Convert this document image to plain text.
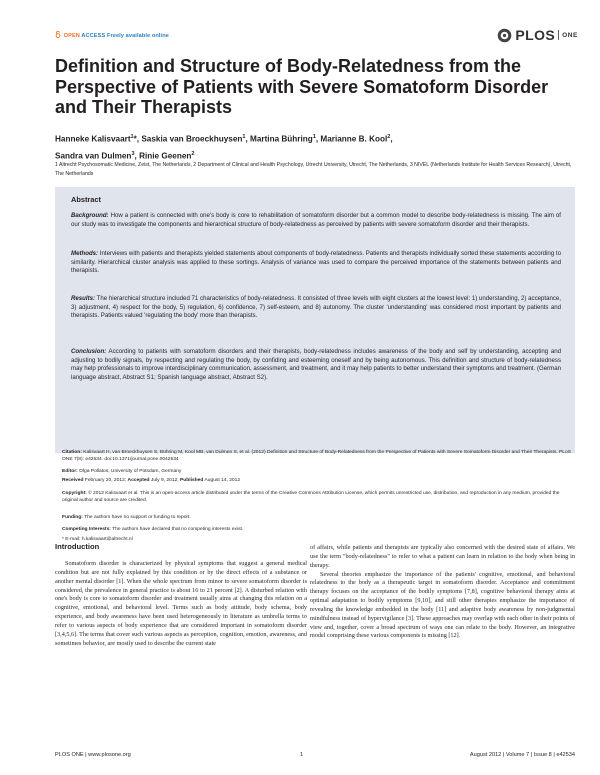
OPEN ACCESS Freely available online	PLOS ONE
Definition and Structure of Body-Relatedness from the Perspective of Patients with Severe Somatoform Disorder and Their Therapists
Hanneke Kalisvaart$^1$*, Saskia van Broeckhuysen$^1$, Martina Bühring$^1$, Marianne B. Kool$^2$,
Sandra van Dulmen$^3$, Rinie Geenen$^2$
1 Altrecht Psychosomatic Medicine, Zeist, The Netherlands, 2 Department of Clinical and Health Psychology, Utrecht University, Utrecht, The Netherlands, 3 NIVEL (Netherlands Institute for Health Services Research), Utrecht, The Netherlands
Abstract
Background: How a patient is connected with one's body is core to rehabilitation of somatoform disorder but a common model to describe body-relatedness is missing. The aim of our study was to investigate the components and hierarchical structure of body-relatedness as perceived by patients with severe somatoform disorder and their therapists.
Methods: Interviews with patients and therapists yielded statements about components of body-relatedness. Patients and therapists individually sorted these statements according to similarity. Hierarchical cluster analysis was applied to these sortings. Analysis of variance was used to compare the perceived importance of the statements between patients and therapists.
Results: The hierarchical structure included 71 characteristics of body-relatedness. It consisted of three levels with eight clusters at the lowest level: 1) understanding, 2) acceptance, 3) adjustment, 4) respect for the body, 5) regulation, 6) confidence, 7) self-esteem, and 8) autonomy. The cluster 'understanding' was considered most important by patients and therapists. Patients valued 'regulating the body' more than therapists.
Conclusion: According to patients with somatoform disorders and their therapists, body-relatedness includes awareness of the body and self by understanding, accepting and adjusting to bodily signals, by respecting and regulating the body, by confiding and esteeming oneself and by being autonomous. This definition and structure of body-relatedness may help professionals to improve interdisciplinary communication, assessment, and treatment, and it may help patients to better understand their symptoms and treatment. (German language abstract, Abstract S1; Spanish language abstract, Abstract S2).
Citation: Kalisvaart H, van Broeckhuysen S, Bühring M, Kool MB, van Dulmen S, et al. (2012) Definition and Structure of Body-Relatedness from the Perspective of Patients with Severe Somatoform Disorder and Their Therapists. PLoS ONE 7(8): e42534. doi:10.1371/journal.pone.0042534
Editor: Olga Pollatos, University of Potsdam, Germany
Received February 20, 2012; Accepted July 9, 2012; Published August 14, 2012
Copyright: © 2012 Kalisvaart et al. This is an open-access article distributed under the terms of the Creative Commons Attribution License, which permits unrestricted use, distribution, and reproduction in any medium, provided the original author and source are credited.
Funding: The authors have no support or funding to report.
Competing Interests: The authors have declared that no competing interests exist.
* E-mail: h.kalisvaart@altrecht.nl
Introduction

Somatoform disorder is characterized by physical symptoms that suggest a general medical condition but are not fully explained by this condition or by the direct effects of a substance or another mental disorder [1]. When the whole spectrum from minor to severe somatoform disorder is considered, the prevalence in general practice is about 16 to 21 percent [2]. A disturbed relation with one's body is core to somatoform disorder and treatment usually aims at changing this relation on a cognitive, emotional, and behavioral level. Terms such as body attitude, body schema, body experience, and body awareness have been used heterogeneously in literature as umbrella terms to refer to various aspects of body experience that are considered important in somatoform disorder [3,4,5,6]. The terms that cover such various aspects as perception, cognition, emotion, awareness, and sometimes behavior, are mostly used to describe the current state

of affairs, while patients and therapists are typically also concerned with the desired state of affairs. We use the term "body-relatedness" to refer to what a patient can learn in relation to the body when being in therapy.

Several theories emphasize the importance of the patients' cognitive, emotional, and behavioral relatedness to the body as a therapeutic target in somatoform disorder. Acceptance and commitment therapy focuses on the acceptance of the bodily symptoms [7,8], cognitive behavioral therapy aims at optimal adaptation to bodily symptoms [9,10], and still other therapies emphasize the importance of revealing the knowledge embedded in the body [11] and adaptive body awareness by non-judgmental mindfulness instead of hypervigilance [3]. These approaches may overlap with each other in their points of view and, together, cover a broad spectrum of ways one can relate to the body. However, an integrative model comprising these various components is missing [12].

PLOS ONE | www.plosone.org	1	August 2012 | Volume 7 | Issue 8 | e42534
